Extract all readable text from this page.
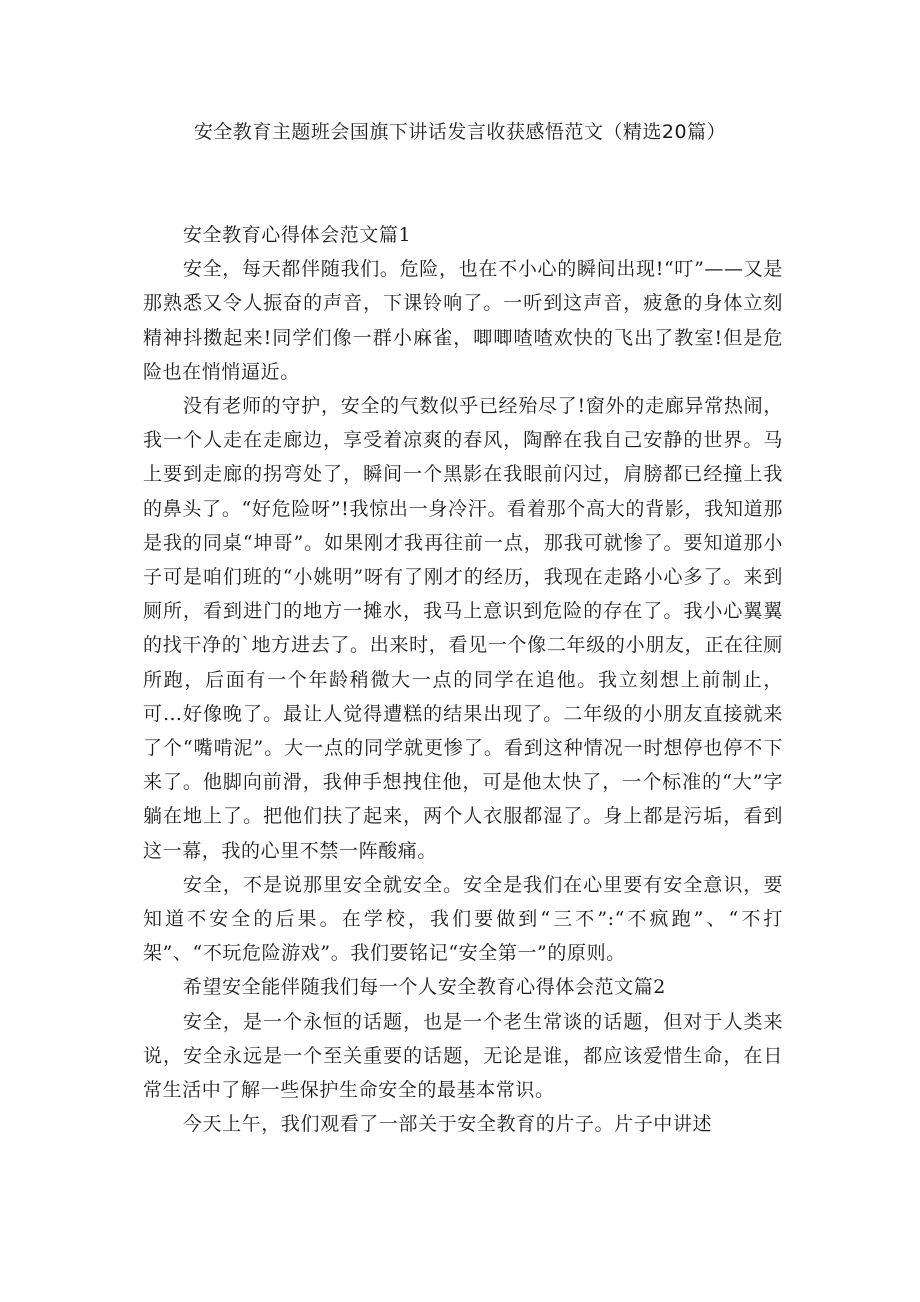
安全教育主题班会国旗下讲话发言收获感悟范文（精选20篇）

安全教育心得体会范文篇1

安全，每天都伴随我们。危险，也在不小心的瞬间出现!“叮”——又是那熟悉又令人振奋的声音，下课铃响了。一听到这声音，疲惫的身体立刻精神抖擞起来!同学们像一群小麻雀，唧唧喳喳欢快的飞出了教室!但是危险也在悄悄逼近。

没有老师的守护，安全的气数似乎已经殆尽了!窗外的走廊异常热闹，我一个人走在走廊边，享受着凉爽的春风，陶醉在我自己安静的世界。马上要到走廊的拐弯处了，瞬间一个黑影在我眼前闪过，肩膀都已经撞上我的鼻头了。“好危险呀”!我惊出一身冷汗。看着那个高大的背影，我知道那是我的同桌“坤哥”。如果刚才我再往前一点，那我可就惨了。要知道那小子可是咱们班的“小姚明”呀有了刚才的经历，我现在走路小心多了。来到厕所，看到进门的地方一摊水，我马上意识到危险的存在了。我小心翼翼的找干净的`地方进去了。出来时，看见一个像二年级的小朋友，正在往厕所跑，后面有一个年龄稍微大一点的同学在追他。我立刻想上前制止，可…好像晚了。最让人觉得遭糕的结果出现了。二年级的小朋友直接就来了个“嘴啃泥”。大一点的同学就更惨了。看到这种情况一时想停也停不下来了。他脚向前滑，我伸手想拽住他，可是他太快了，一个标准的“大”字躺在地上了。把他们扶了起来，两个人衣服都湿了。身上都是污垢，看到这一幕，我的心里不禁一阵酸痛。

安全，不是说那里安全就安全。安全是我们在心里要有安全意识，要知道不安全的后果。在学校，我们要做到“三不”:“不疯跑”、“不打架”、“不玩危险游戏”。我们要铭记“安全第一”的原则。

希望安全能伴随我们每一个人安全教育心得体会范文篇2

安全，是一个永恒的话题，也是一个老生常谈的话题，但对于人类来说，安全永远是一个至关重要的话题，无论是谁，都应该爱惜生命，在日常生活中了解一些保护生命安全的最基本常识。

今天上午，我们观看了一部关于安全教育的片子。片子中讲述
